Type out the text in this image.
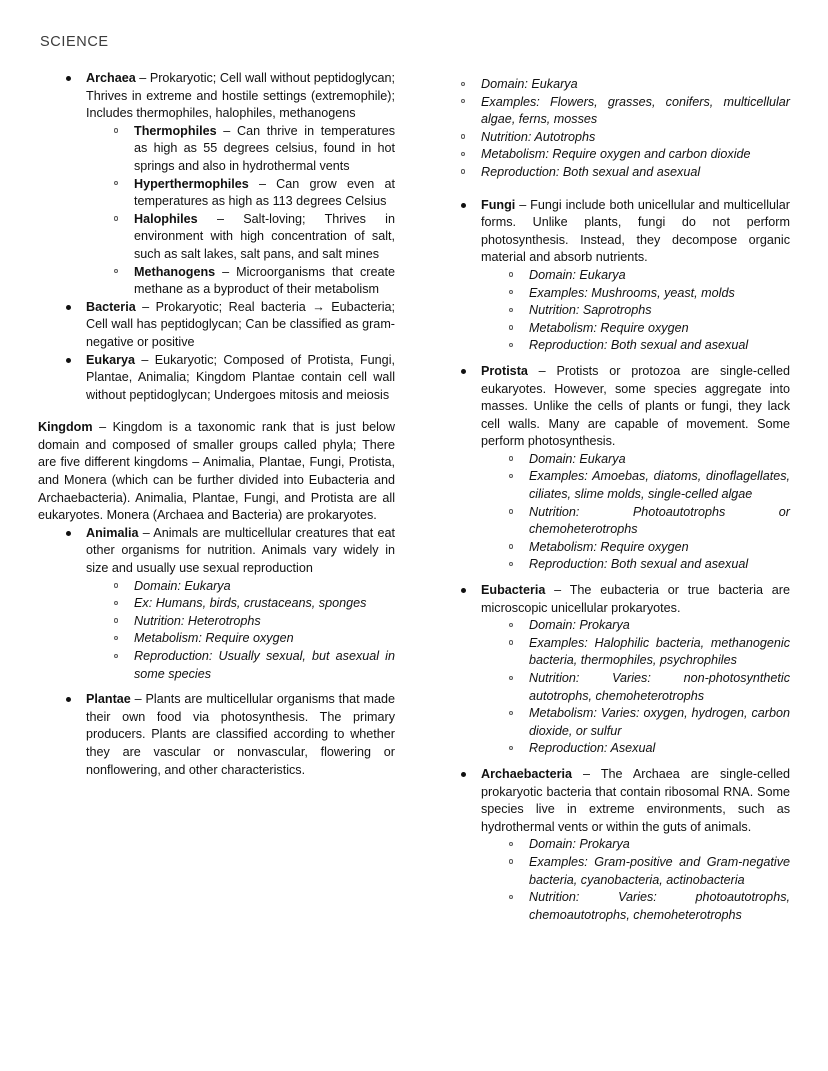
SCIENCE
Archaea – Prokaryotic; Cell wall without peptidoglycan; Thrives in extreme and hostile settings (extremophile); Includes thermophiles, halophiles, methanogens
Thermophiles – Can thrive in temperatures as high as 55 degrees celsius, found in hot springs and also in hydrothermal vents
Hyperthermophiles – Can grow even at temperatures as high as 113 degrees Celsius
Halophiles – Salt-loving; Thrives in environment with high concentration of salt, such as salt lakes, salt pans, and salt mines
Methanogens – Microorganisms that create methane as a byproduct of their metabolism
Bacteria – Prokaryotic; Real bacteria → Eubacteria; Cell wall has peptidoglycan; Can be classified as gram-negative or positive
Eukarya – Eukaryotic; Composed of Protista, Fungi, Plantae, Animalia; Kingdom Plantae contain cell wall without peptidoglycan; Undergoes mitosis and meiosis

Kingdom – Kingdom is a taxonomic rank that is just below domain and composed of smaller groups called phyla; There are five different kingdoms – Animalia, Plantae, Fungi, Protista, and Monera (which can be further divided into Eubacteria and Archaebacteria). Animalia, Plantae, Fungi, and Protista are all eukaryotes. Monera (Archaea and Bacteria) are prokaryotes.

Animalia – Animals are multicellular creatures that eat other organisms for nutrition. Animals vary widely in size and usually use sexual reproduction
Domain: Eukarya
Ex: Humans, birds, crustaceans, sponges
Nutrition: Heterotrophs
Metabolism: Require oxygen
Reproduction: Usually sexual, but asexual in some species
Plantae – Plants are multicellular organisms that made their own food via photosynthesis. The primary producers. Plants are classified according to whether they are vascular or nonvascular, flowering or nonflowering, and other characteristics.
Domain: Eukarya
Examples: Flowers, grasses, conifers, multicellular algae, ferns, mosses
Nutrition: Autotrophs
Metabolism: Require oxygen and carbon dioxide
Reproduction: Both sexual and asexual
Fungi – Fungi include both unicellular and multicellular forms. Unlike plants, fungi do not perform photosynthesis. Instead, they decompose organic material and absorb nutrients.
Domain: Eukarya
Examples: Mushrooms, yeast, molds
Nutrition: Saprotrophs
Metabolism: Require oxygen
Reproduction: Both sexual and asexual
Protista – Protists or protozoa are single-celled eukaryotes. However, some species aggregate into masses. Unlike the cells of plants or fungi, they lack cell walls. Many are capable of movement. Some perform photosynthesis.
Domain: Eukarya
Examples: Amoebas, diatoms, dinoflagellates, ciliates, slime molds, single-celled algae
Nutrition: Photoautotrophs or chemoheterotrophs
Metabolism: Require oxygen
Reproduction: Both sexual and asexual
Eubacteria – The eubacteria or true bacteria are microscopic unicellular prokaryotes.
Domain: Prokarya
Examples: Halophilic bacteria, methanogenic bacteria, thermophiles, psychrophiles
Nutrition: Varies: non-photosynthetic autotrophs, chemoheterotrophs
Metabolism: Varies: oxygen, hydrogen, carbon dioxide, or sulfur
Reproduction: Asexual
Archaebacteria – The Archaea are single-celled prokaryotic bacteria that contain ribosomal RNA. Some species live in extreme environments, such as hydrothermal vents or within the guts of animals.
Domain: Prokarya
Examples: Gram-positive and Gram-negative bacteria, cyanobacteria, actinobacteria
Nutrition: Varies: photoautotrophs, chemoautotrophs, chemoheterotrophs
